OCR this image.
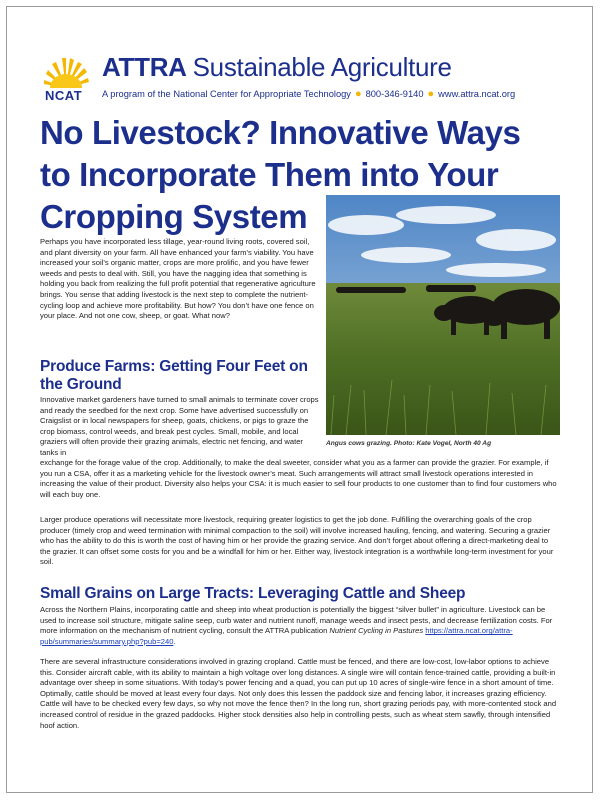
NCAT
ATTRA Sustainable Agriculture
A program of the National Center for Appropriate Technology ● 800-346-9140 ● www.attra.ncat.org
No Livestock? Innovative Ways
to Incorporate Them into Your
Cropping System
Angus cows grazing. Photo: Kate Vogel, North 40 Ag

Perhaps you have incorporated less tillage, year-round living roots, covered soil, and plant diversity on your farm. All have enhanced your farm’s viability. You have increased your soil’s organic matter, crops are more prolific, and you have fewer weeds and pests to deal with. Still, you have the nagging idea that something is holding you back from realizing the full profit potential that regenerative agriculture brings. You sense that adding livestock is the next step to complete the nutrient-cycling loop and achieve more profitability. But how? You don’t have one fence on your place. And not one cow, sheep, or goat. What now?

Produce Farms: Getting Four Feet on the Ground

Innovative market gardeners have turned to small animals to terminate cover crops and ready the seedbed for the next crop. Some have advertised successfully on Craigslist or in local newspapers for sheep, goats, chickens, or pigs to graze the crop biomass, control weeds, and break pest cycles. Small, mobile, and local graziers will often provide their grazing animals, electric net fencing, and water tanks in

exchange for the forage value of the crop. Additionally, to make the deal sweeter, consider what you as a farmer can provide the grazier. For example, if you run a CSA, offer it as a marketing vehicle for the livestock owner’s meat. Such arrangements will attract small livestock operations interested in increasing the value of their product. Diversity also helps your CSA: it is much easier to sell four products to one customer than to find four customers who will each buy one.

Larger produce operations will necessitate more livestock, requiring greater logistics to get the job done. Fulfilling the overarching goals of the crop producer (timely crop and weed termination with minimal compaction to the soil) will involve increased hauling, fencing, and watering. Securing a grazier who has the ability to do this is worth the cost of having him or her provide the grazing service. And don’t forget about offering a direct-marketing deal to the grazier. It can offset some costs for you and be a windfall for him or her. Either way, livestock integration is a worthwhile long-term investment for your soil.

Small Grains on Large Tracts: Leveraging Cattle and Sheep

Across the Northern Plains, incorporating cattle and sheep into wheat production is potentially the biggest “silver bullet” in agriculture. Livestock can be used to increase soil structure, mitigate saline seep, curb water and nutrient runoff, manage weeds and insect pests, and decrease fertilization costs. For more information on the mechanism of nutrient cycling, consult the ATTRA publication Nutrient Cycling in Pastures https://attra.ncat.org/attra-pub/summaries/summary.php?pub=240.

There are several infrastructure considerations involved in grazing cropland. Cattle must be fenced, and there are low-cost, low-labor options to achieve this. Consider aircraft cable, with its ability to maintain a high voltage over long distances. A single wire will contain fence-trained cattle, providing a built-in advantage over sheep in some situations. With today’s power fencing and a quad, you can put up 10 acres of single-wire fence in a short amount of time. Optimally, cattle should be moved at least every four days. Not only does this lessen the paddock size and fencing labor, it increases grazing efficiency. Cattle will have to be checked every few days, so why not move the fence then? In the long run, short grazing periods pay, with more-contented stock and increased control of residue in the grazed paddocks. Higher stock densities also help in controlling pests, such as wheat stem sawfly, through intensified hoof action.
